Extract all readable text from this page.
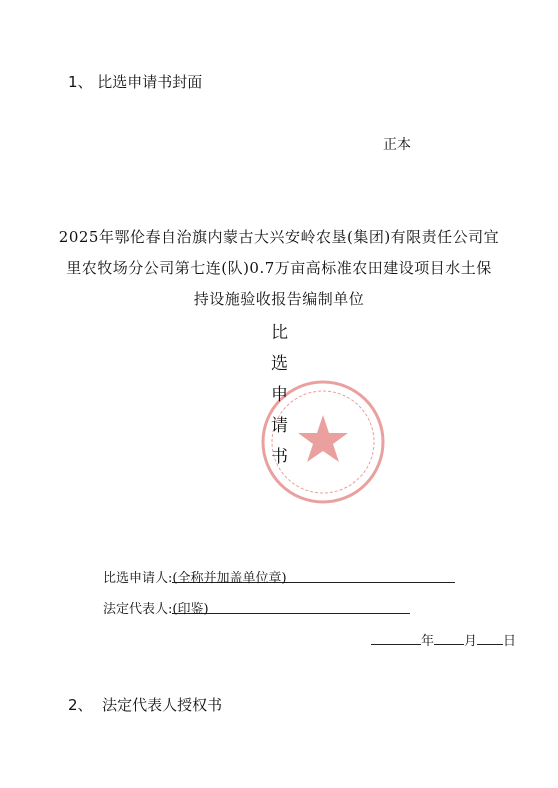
1、 比选申请书封面
正本
2025年鄂伦春自治旗内蒙古大兴安岭农垦(集团)有限责任公司宜
里农牧场分公司第七连(队)0.7万亩高标准农田建设项目水土保
持设施验收报告编制单位
比
选
申
请
书
比选申请人:(全称并加盖单位章)
法定代表人:(印鉴)
年 月 日
2、  法定代表人授权书
